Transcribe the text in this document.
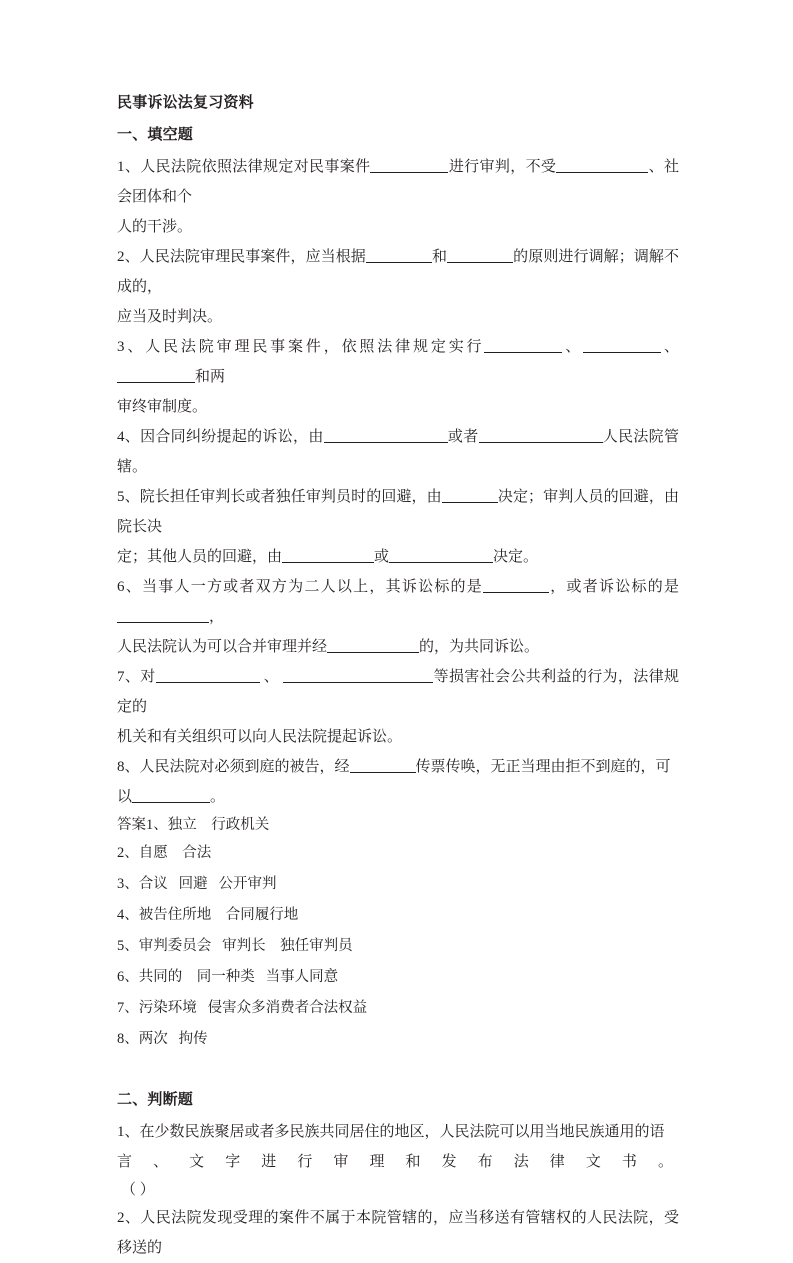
民事诉讼法复习资料

一、填空题

1、人民法院依照法律规定对民事案件	进行审判，不受	、社会团体和个
人的干涉。

2、人民法院审理民事案件，应当根据	和	的原则进行调解；调解不成的，
应当及时判决。

3、人民法院审理民事案件，依照法律规定实行	、	、和两
审终审制度。

4、因合同纠纷提起的诉讼，由	或者	人民法院管辖。

5、院长担任审判长或者独任审判员时的回避，由	决定；审判人员的回避，由院长决
定；其他人员的回避，由	或	决定。

6、当事人一方或者双方为二人以上，其诉讼标的是	，或者诉讼标的是，
人民法院认为可以合并审理并经	的，为共同诉讼。

7、对	、	等损害社会公共利益的行为，法律规定的
机关和有关组织可以向人民法院提起诉讼。

8、人民法院对必须到庭的被告，经	传票传唤，无正当理由拒不到庭的，可
以	。

答案1、独立    行政机关

2、自愿    合法

3、合议   回避   公开审判

4、被告住所地    合同履行地

5、审判委员会   审判长    独任审判员

6、共同的    同一种类   当事人同意

7、污染环境   侵害众多消费者合法权益

8、两次   拘传

二、判断题

1、在少数民族聚居或者多民族共同居住的地区，人民法院可以用当地民族通用的语

言 、 文 字 进 行 审 理 和 发 布 法 律 文 书 。

（ ）

2、人民法院发现受理的案件不属于本院管辖的，应当移送有管辖权的人民法院，受移送的
